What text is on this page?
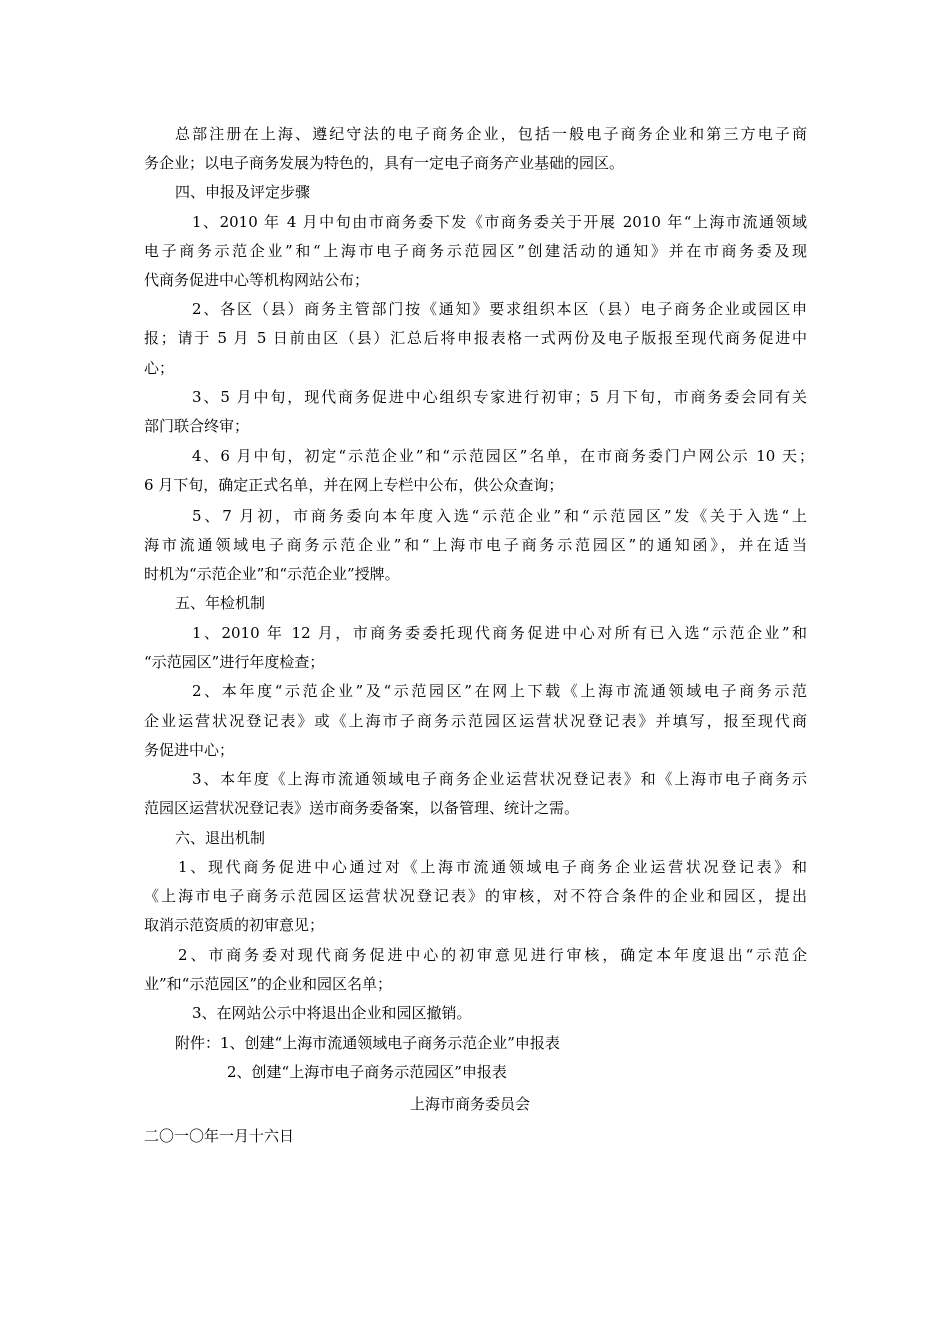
总部注册在上海、遵纪守法的电子商务企业，包括一般电子商务企业和第三方电子商
务企业；以电子商务发展为特色的，具有一定电子商务产业基础的园区。
四、申报及评定步骤
1、2010 年 4 月中旬由市商务委下发《市商务委关于开展 2010 年“上海市流通领域
电子商务示范企业”和“上海市电子商务示范园区”创建活动的通知》并在市商务委及现
代商务促进中心等机构网站公布；
2、各区（县）商务主管部门按《通知》要求组织本区（县）电子商务企业或园区申
报；请于 5 月 5 日前由区（县）汇总后将申报表格一式两份及电子版报至现代商务促进中
心；
3、5 月中旬，现代商务促进中心组织专家进行初审；5 月下旬，市商务委会同有关
部门联合终审；
4、6 月中旬，初定“示范企业”和“示范园区”名单，在市商务委门户网公示 10 天；
6 月下旬，确定正式名单，并在网上专栏中公布，供公众查询；
5、7 月初，市商务委向本年度入选“示范企业”和“示范园区”发《关于入选“上
海市流通领域电子商务示范企业”和“上海市电子商务示范园区”的通知函》，并在适当
时机为“示范企业”和“示范企业”授牌。
五、年检机制
1、2010 年 12 月，市商务委委托现代商务促进中心对所有已入选“示范企业”和
“示范园区”进行年度检查；
2、本年度“示范企业”及“示范园区”在网上下载《上海市流通领域电子商务示范
企业运营状况登记表》或《上海市子商务示范园区运营状况登记表》并填写，报至现代商
务促进中心；
3、本年度《上海市流通领域电子商务企业运营状况登记表》和《上海市电子商务示
范园区运营状况登记表》送市商务委备案，以备管理、统计之需。
六、退出机制
1、现代商务促进中心通过对《上海市流通领域电子商务企业运营状况登记表》和
《上海市电子商务示范园区运营状况登记表》的审核，对不符合条件的企业和园区，提出
取消示范资质的初审意见；
2、市商务委对现代商务促进中心的初审意见进行审核，确定本年度退出“示范企
业”和“示范园区”的企业和园区名单；
3、在网站公示中将退出企业和园区撤销。
附件：1、创建“上海市流通领域电子商务示范企业”申报表
2、创建“上海市电子商务示范园区”申报表
上海市商务委员会
二〇一〇年一月十六日
